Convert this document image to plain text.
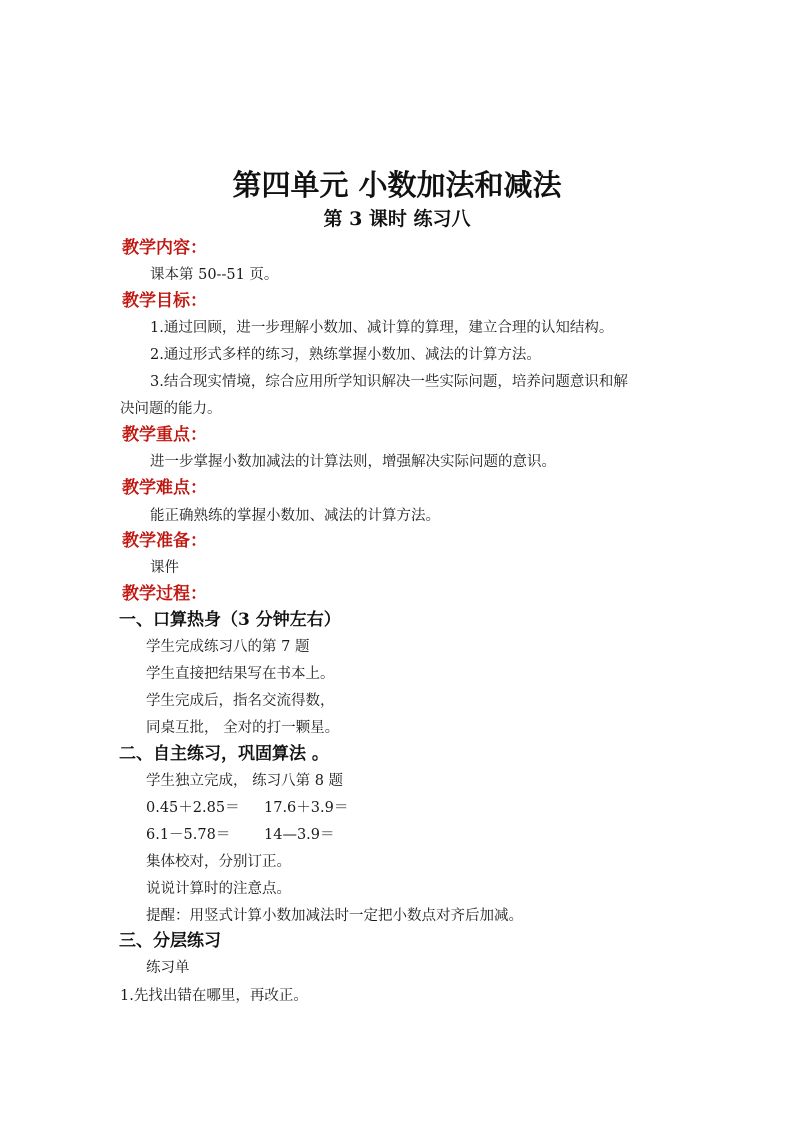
第四单元 小数加法和减法
第 3 课时 练习八
教学内容：
课本第 50--51 页。
教学目标：
1.通过回顾，进一步理解小数加、减计算的算理，建立合理的认知结构。
2.通过形式多样的练习，熟练掌握小数加、减法的计算方法。
3.结合现实情境，综合应用所学知识解决一些实际问题，培养问题意识和解
决问题的能力。
教学重点：
进一步掌握小数加减法的计算法则，增强解决实际问题的意识。
教学难点：
能正确熟练的掌握小数加、减法的计算方法。
教学准备：
课件
教学过程：
一、口算热身（3 分钟左右）
学生完成练习八的第 7 题
学生直接把结果写在书本上。
学生完成后，指名交流得数，
同桌互批， 全对的打一颗星。
二、自主练习，巩固算法 。
学生独立完成， 练习八第 8 题
0.45＋2.85＝ 17.6＋3.9＝
6.1－5.78＝ 14—3.9＝
集体校对，分别订正。
说说计算时的注意点。
提醒：用竖式计算小数加减法时一定把小数点对齐后加减。
三、分层练习
练习单
1.先找出错在哪里，再改正。
